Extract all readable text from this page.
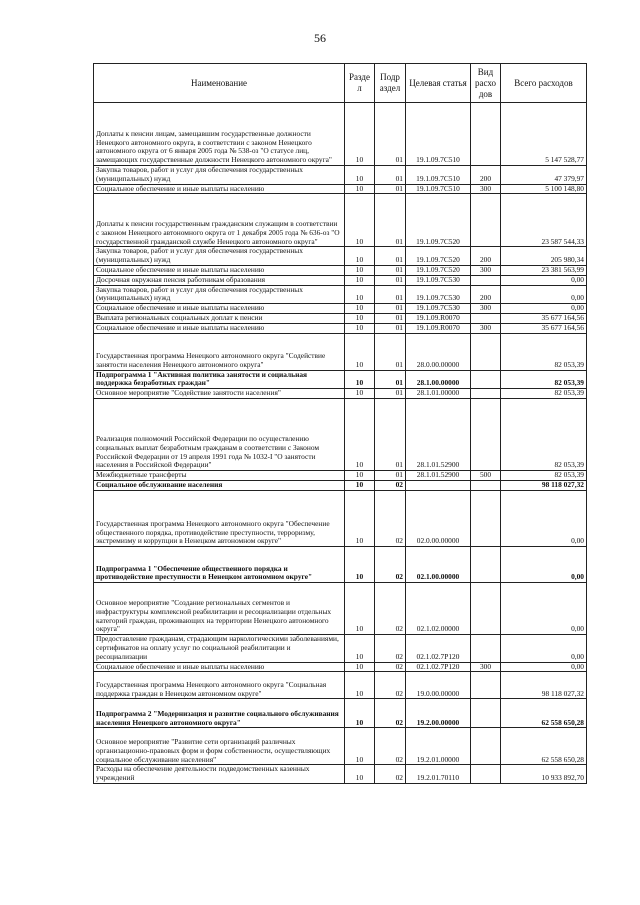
56
Наименование	Разде л	Подр аздел	Целевая статья	Вид расхо дов	Всего расходов
Доплаты к пенсии лицам, замещавшим государственные должности Ненецкого автономного округа, в соответствии с законом Ненецкого автономного округа от 6 января 2005 года № 538-оз "О статусе лиц, замещающих государственные должности Ненецкого автономного округа"	10	01	19.1.09.7С510		5 147 528,77
Закупка товаров, работ и услуг для обеспечения государственных (муниципальных) нужд	10	01	19.1.09.7С510	200	47 379,97
Социальное обеспечение и иные выплаты населению	10	01	19.1.09.7С510	300	5 100 148,80
Доплаты к пенсии государственным гражданским служащим в соответствии с законом Ненецкого автономного округа от 1 декабря 2005 года № 636-оз "О государственной гражданской службе Ненецкого автономного округа"	10	01	19.1.09.7С520		23 587 544,33
Закупка товаров, работ и услуг для обеспечения государственных (муниципальных) нужд	10	01	19.1.09.7С520	200	205 980,34
Социальное обеспечение и иные выплаты населению	10	01	19.1.09.7С520	300	23 381 563,99
Досрочная окружная пенсия работникам образования	10	01	19.1.09.7С530		0,00
Закупка товаров, работ и услуг для обеспечения государственных (муниципальных) нужд	10	01	19.1.09.7С530	200	0,00
Социальное обеспечение и иные выплаты населению	10	01	19.1.09.7С530	300	0,00
Выплата региональных социальных доплат к пенсии	10	01	19.1.09.R0070		35 677 164,56
Социальное обеспечение и иные выплаты населению	10	01	19.1.09.R0070	300	35 677 164,56
Государственная программа Ненецкого автономного округа "Содействие занятости населения Ненецкого автономного округа"	10	01	28.0.00.00000		82 053,39
Подпрограмма 1 "Активная политика занятости и социальная поддержка безработных граждан"	10	01	28.1.00.00000		82 053,39
Основное мероприятие "Содействие занятости населения"	10	01	28.1.01.00000		82 053,39
Реализация полномочий Российской Федерации по осуществлению социальных выплат безработным гражданам в соответствии с Законом Российской Федерации от 19 апреля 1991 года № 1032-I "О занятости населения в Российской Федерации"	10	01	28.1.01.52900		82 053,39
Межбюджетные трансферты	10	01	28.1.01.52900	500	82 053,39
Социальное обслуживание населения	10	02			98 118 027,32
Государственная программа Ненецкого автономного округа "Обеспечение общественного порядка, противодействие преступности, терроризму, экстремизму и коррупции в Ненецком автономном округе"	10	02	02.0.00.00000		0,00
Подпрограмма 1 "Обеспечение общественного порядка и противодействие преступности в Ненецком автономном округе"	10	02	02.1.00.00000		0,00
Основное мероприятие "Создание региональных сегментов и инфраструктуры комплексной реабилитации и ресоциализации отдельных категорий граждан, проживающих на территории Ненецкого автономного округа"	10	02	02.1.02.00000		0,00
Предоставление гражданам, страдающим наркологическими заболеваниями, сертификатов на оплату услуг по социальной реабилитации и ресоциализации	10	02	02.1.02.7Р120		0,00
Социальное обеспечение и иные выплаты населению	10	02	02.1.02.7Р120	300	0,00
Государственная программа Ненецкого автономного округа "Социальная поддержка граждан в Ненецком автономном округе"	10	02	19.0.00.00000		98 118 027,32
Подпрограмма 2 "Модернизация и развитие социального обслуживания населения Ненецкого автономного округа"	10	02	19.2.00.00000		62 558 650,28
Основное мероприятие "Развитие сети организаций различных организационно-правовых форм и форм собственности, осуществляющих социальное обслуживание населения"	10	02	19.2.01.00000		62 558 650,28
Расходы на обеспечение деятельности подведомственных казенных учреждений	10	02	19.2.01.70110		10 933 892,70
